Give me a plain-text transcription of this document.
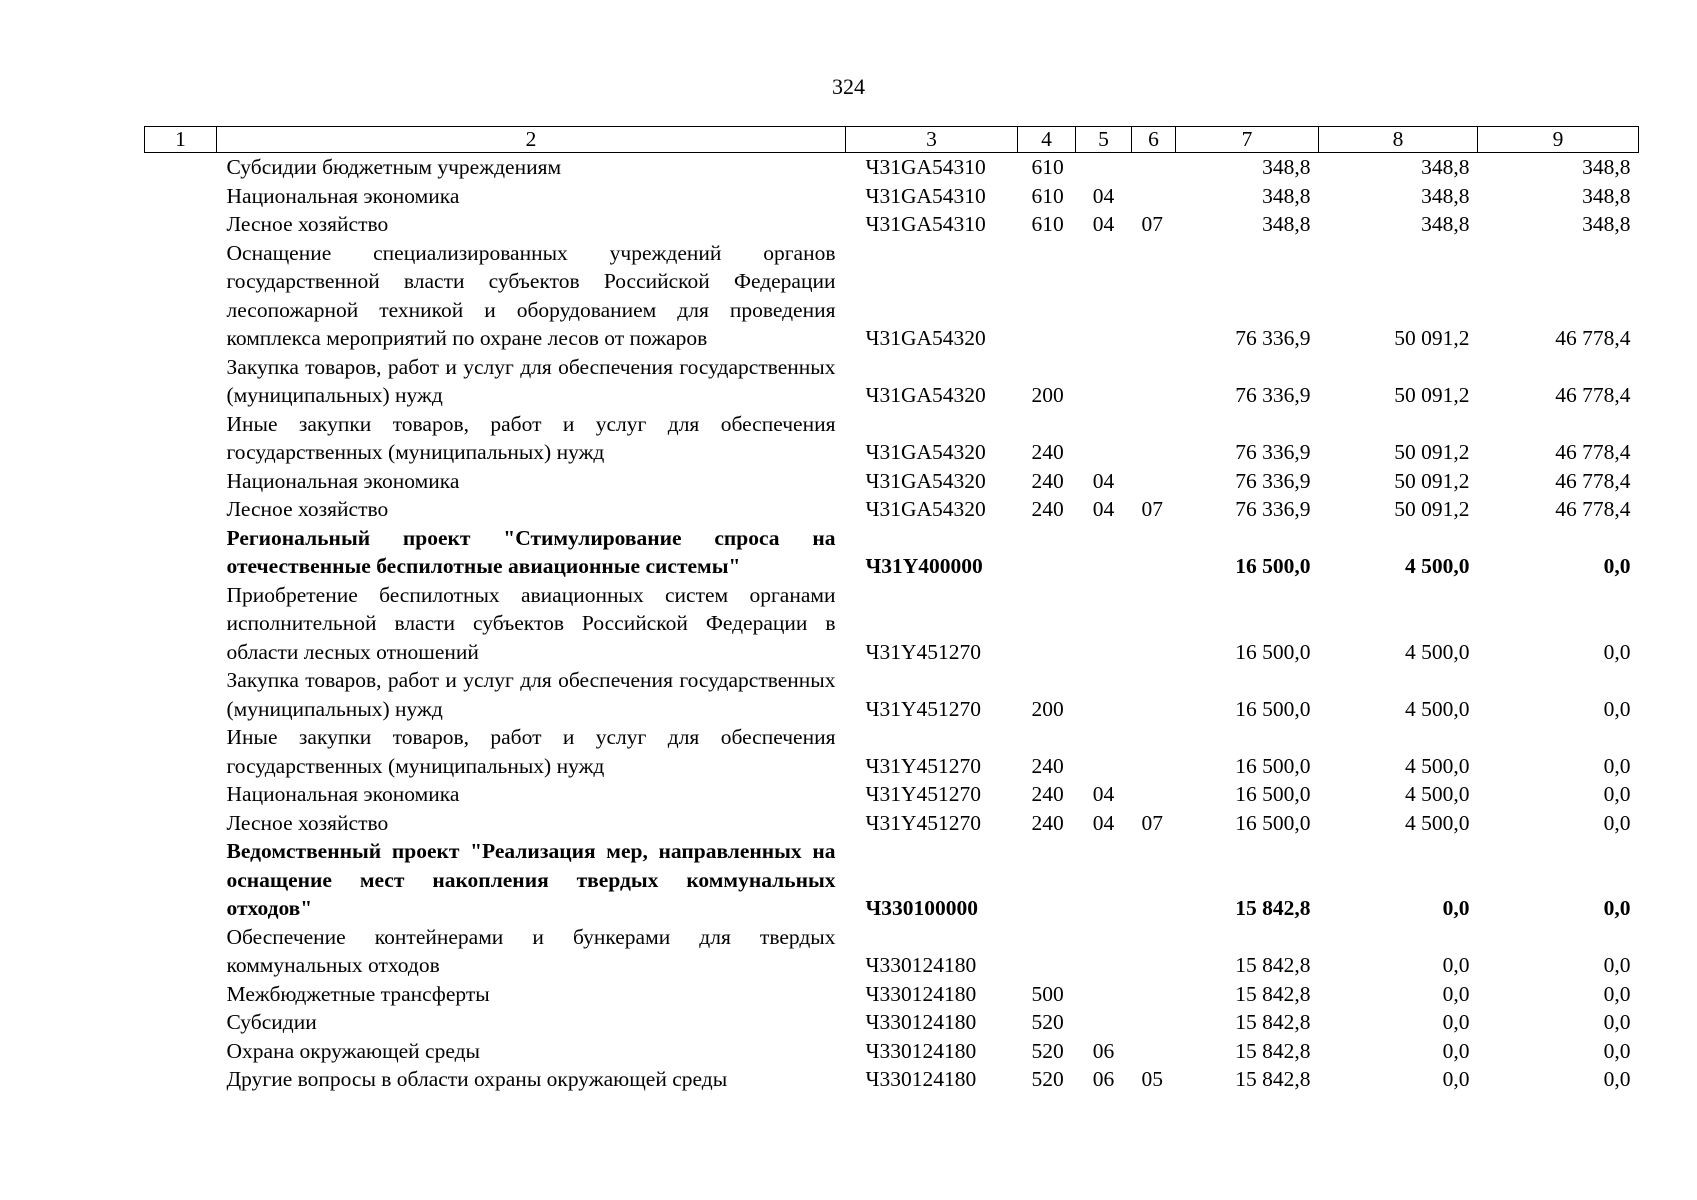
324
1	2	3	4	5	6	7	8	9
	Субсидии бюджетным учреждениям	Ч31GA54310	610			348,8	348,8	348,8
	Национальная экономика	Ч31GA54310	610	04		348,8	348,8	348,8
	Лесное хозяйство	Ч31GA54310	610	04	07	348,8	348,8	348,8
	Оснащение специализированных учреждений органов государственной власти субъектов Российской Федерации лесопожарной техникой и оборудованием для проведения комплекса мероприятий по охране лесов от пожаров	Ч31GA54320				76 336,9	50 091,2	46 778,4
	Закупка товаров, работ и услуг для обеспечения государственных (муниципальных) нужд	Ч31GA54320	200			76 336,9	50 091,2	46 778,4
	Иные закупки товаров, работ и услуг для обеспечения государственных (муниципальных) нужд	Ч31GA54320	240			76 336,9	50 091,2	46 778,4
	Национальная экономика	Ч31GA54320	240	04		76 336,9	50 091,2	46 778,4
	Лесное хозяйство	Ч31GA54320	240	04	07	76 336,9	50 091,2	46 778,4
	Региональный проект "Стимулирование спроса на отечественные беспилотные авиационные системы"	Ч31Y400000				16 500,0	4 500,0	0,0
	Приобретение беспилотных авиационных систем органами исполнительной власти субъектов Российской Федерации в области лесных отношений	Ч31Y451270				16 500,0	4 500,0	0,0
	Закупка товаров, работ и услуг для обеспечения государственных (муниципальных) нужд	Ч31Y451270	200			16 500,0	4 500,0	0,0
	Иные закупки товаров, работ и услуг для обеспечения государственных (муниципальных) нужд	Ч31Y451270	240			16 500,0	4 500,0	0,0
	Национальная экономика	Ч31Y451270	240	04		16 500,0	4 500,0	0,0
	Лесное хозяйство	Ч31Y451270	240	04	07	16 500,0	4 500,0	0,0
	Ведомственный проект "Реализация мер, направленных на оснащение мест накопления твердых коммунальных отходов"	Ч330100000				15 842,8	0,0	0,0
	Обеспечение контейнерами и бункерами для твердых коммунальных отходов	Ч330124180				15 842,8	0,0	0,0
	Межбюджетные трансферты	Ч330124180	500			15 842,8	0,0	0,0
	Субсидии	Ч330124180	520			15 842,8	0,0	0,0
	Охрана окружающей среды	Ч330124180	520	06		15 842,8	0,0	0,0
	Другие вопросы в области охраны окружающей среды	Ч330124180	520	06	05	15 842,8	0,0	0,0
